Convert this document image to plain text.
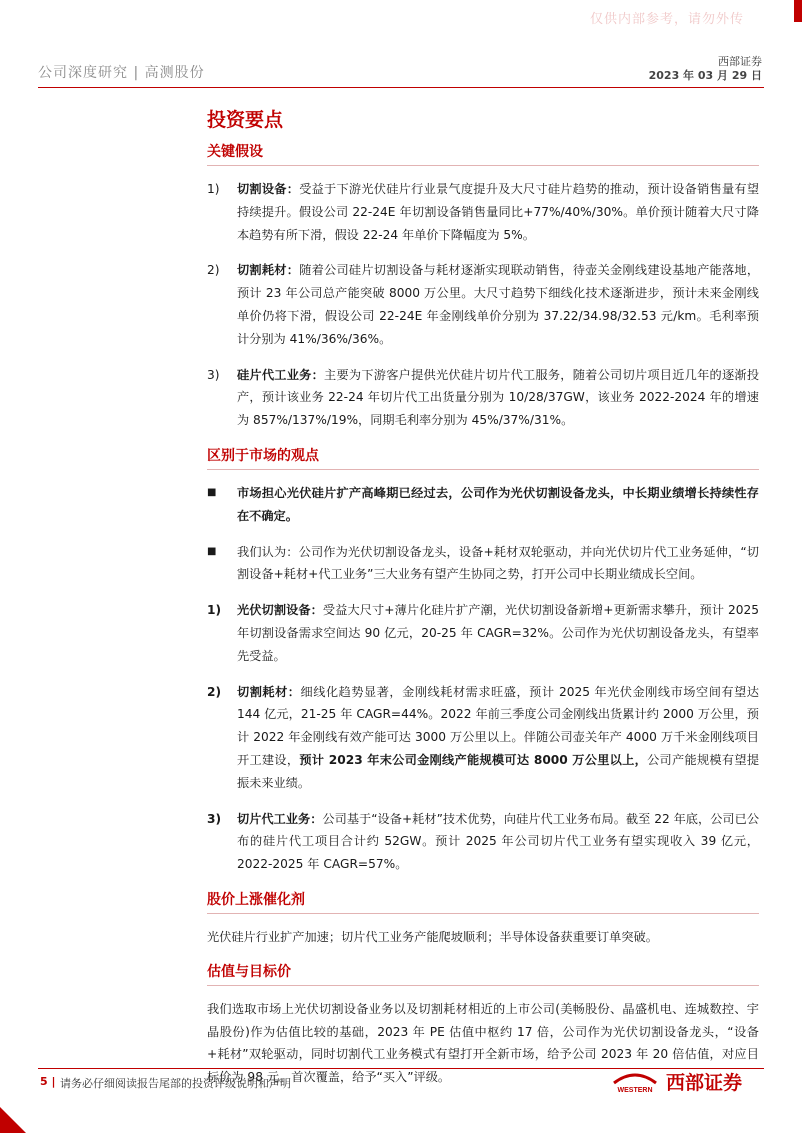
仅供内部参考，请勿外传
公司深度研究 | 高测股份
西部证券
2023 年 03 月 29 日
投资要点
关键假设
1)	切割设备：受益于下游光伏硅片行业景气度提升及大尺寸硅片趋势的推动，预计设备销售量有望持续提升。假设公司 22-24E 年切割设备销售量同比+77%/40%/30%。单价预计随着大尺寸降本趋势有所下滑，假设 22-24 年单价下降幅度为 5%。
2)	切割耗材：随着公司硅片切割设备与耗材逐渐实现联动销售，待壶关金刚线建设基地产能落地，预计 23 年公司总产能突破 8000 万公里。大尺寸趋势下细线化技术逐渐进步，预计未来金刚线单价仍将下滑，假设公司 22-24E 年金刚线单价分别为 37.22/34.98/32.53 元/km。毛利率预计分别为 41%/36%/36%。
3)	硅片代工业务：主要为下游客户提供光伏硅片切片代工服务，随着公司切片项目近几年的逐渐投产，预计该业务 22-24 年切片代工出货量分别为 10/28/37GW，该业务 2022-2024 年的增速为 857%/137%/19%，同期毛利率分别为 45%/37%/31%。
区别于市场的观点
■	市场担心光伏硅片扩产高峰期已经过去，公司作为光伏切割设备龙头，中长期业绩增长持续性存在不确定。
■	我们认为：公司作为光伏切割设备龙头，设备+耗材双轮驱动，并向光伏切片代工业务延伸，“切割设备+耗材+代工业务”三大业务有望产生协同之势，打开公司中长期业绩成长空间。
1)	光伏切割设备：受益大尺寸+薄片化硅片扩产潮，光伏切割设备新增+更新需求攀升，预计 2025 年切割设备需求空间达 90 亿元，20-25 年 CAGR=32%。公司作为光伏切割设备龙头，有望率先受益。
2)	切割耗材：细线化趋势显著，金刚线耗材需求旺盛，预计 2025 年光伏金刚线市场空间有望达 144 亿元，21-25 年 CAGR=44%。2022 年前三季度公司金刚线出货累计约 2000 万公里，预计 2022 年金刚线有效产能可达 3000 万公里以上。伴随公司壶关年产 4000 万千米金刚线项目开工建设，预计 2023 年末公司金刚线产能规模可达 8000 万公里以上，公司产能规模有望提振未来业绩。
3)	切片代工业务：公司基于“设备+耗材”技术优势，向硅片代工业务布局。截至 22 年底，公司已公布的硅片代工项目合计约 52GW。预计 2025 年公司切片代工业务有望实现收入 39 亿元，2022-2025 年 CAGR=57%。
股价上涨催化剂

光伏硅片行业扩产加速；切片代工业务产能爬坡顺利；半导体设备获重要订单突破。

估值与目标价

我们选取市场上光伏切割设备业务以及切割耗材相近的上市公司(美畅股份、晶盛机电、连城数控、宇晶股份)作为估值比较的基础，2023 年 PE 估值中枢约 17 倍，公司作为光伏切割设备龙头，“设备+耗材”双轮驱动，同时切割代工业务模式有望打开全新市场，给予公司 2023 年 20 倍估值，对应目标价为 98 元。首次覆盖，给予“买入”评级。

5 | 请务必仔细阅读报告尾部的投资评级说明和声明	WESTERN 西部证券
